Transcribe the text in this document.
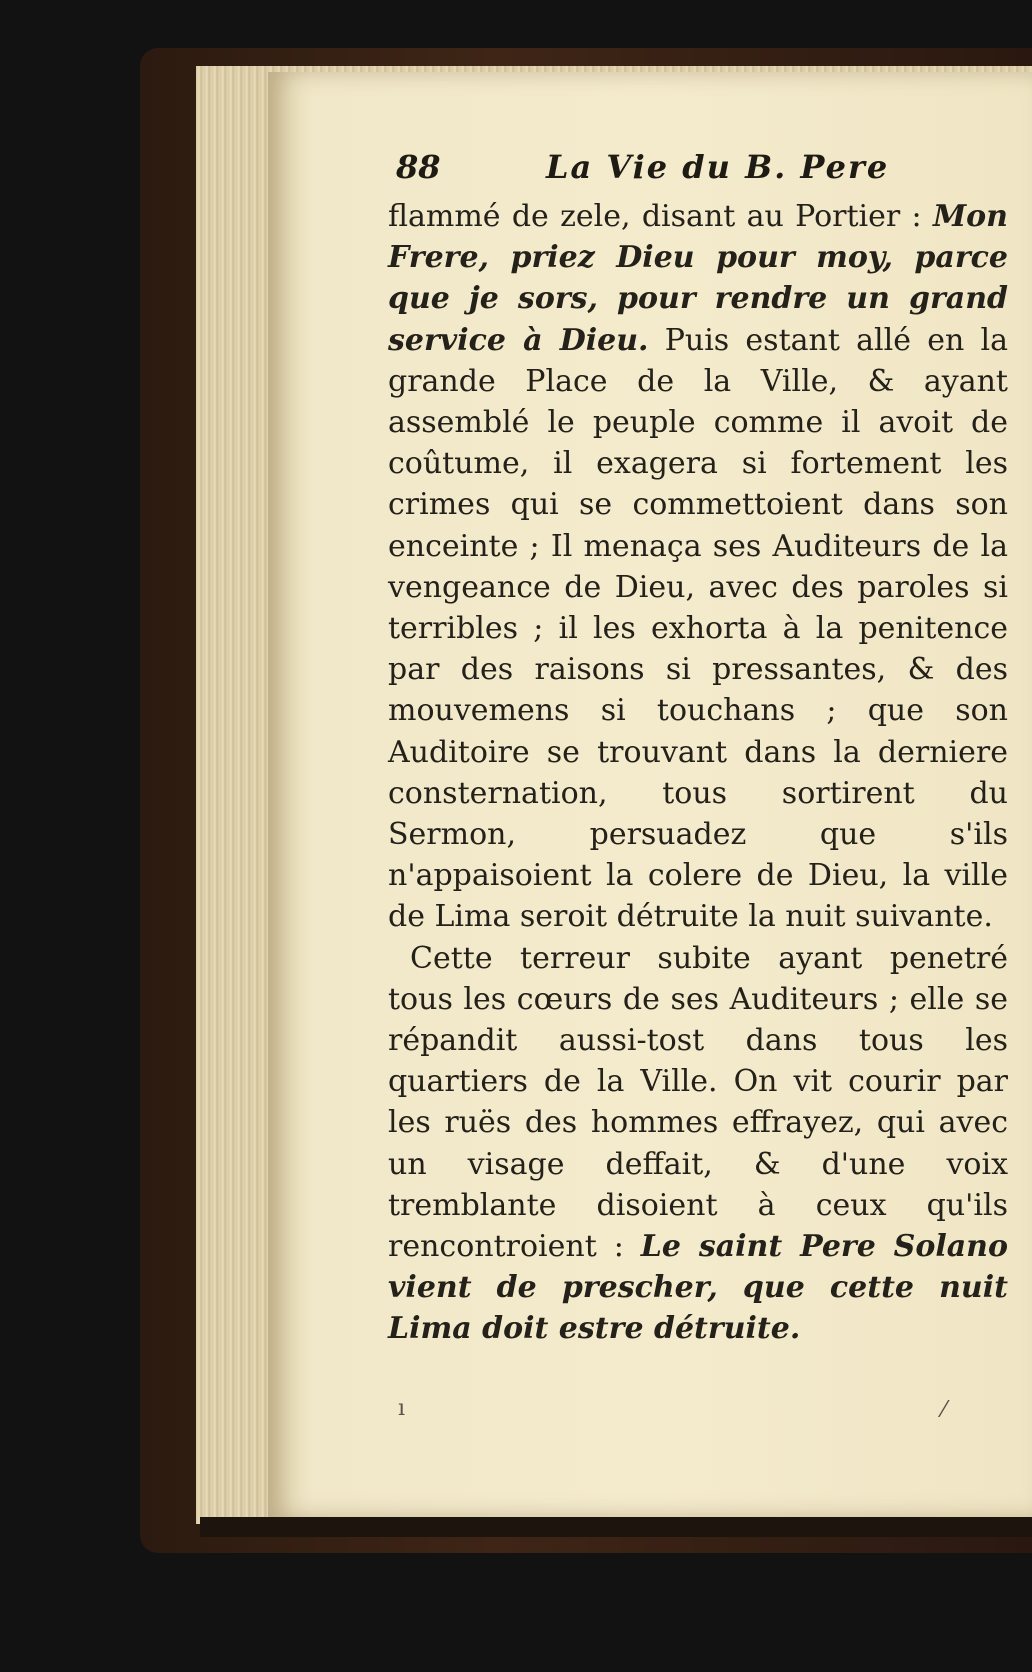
88	La Vie du B. Pere

flammé de zele, disant au Portier : Mon Frere, priez Dieu pour moy, parce que je sors, pour rendre un grand service à Dieu. Puis estant allé en la grande Place de la Ville, & ayant assemblé le peuple comme il avoit de coûtume, il exagera si fortement les crimes qui se commettoient dans son enceinte ; Il menaça ses Auditeurs de la vengeance de Dieu, avec des paroles si terribles ; il les exhorta à la penitence par des raisons si pressantes, & des mouvemens si touchans ; que son Auditoire se trouvant dans la derniere consternation, tous sortirent du Sermon, persuadez que s'ils n'appaisoient la colere de Dieu, la ville de Lima seroit détruite la nuit suivante.

Cette terreur subite ayant penetré tous les cœurs de ses Auditeurs ; elle se répandit aussi-tost dans tous les quartiers de la Ville. On vit courir par les ruës des hommes effrayez, qui avec un visage deffait, & d'une voix tremblante disoient à ceux qu'ils rencontroient : Le saint Pere Solano vient de prescher, que cette nuit Lima doit estre détruite.

ı	⁄
